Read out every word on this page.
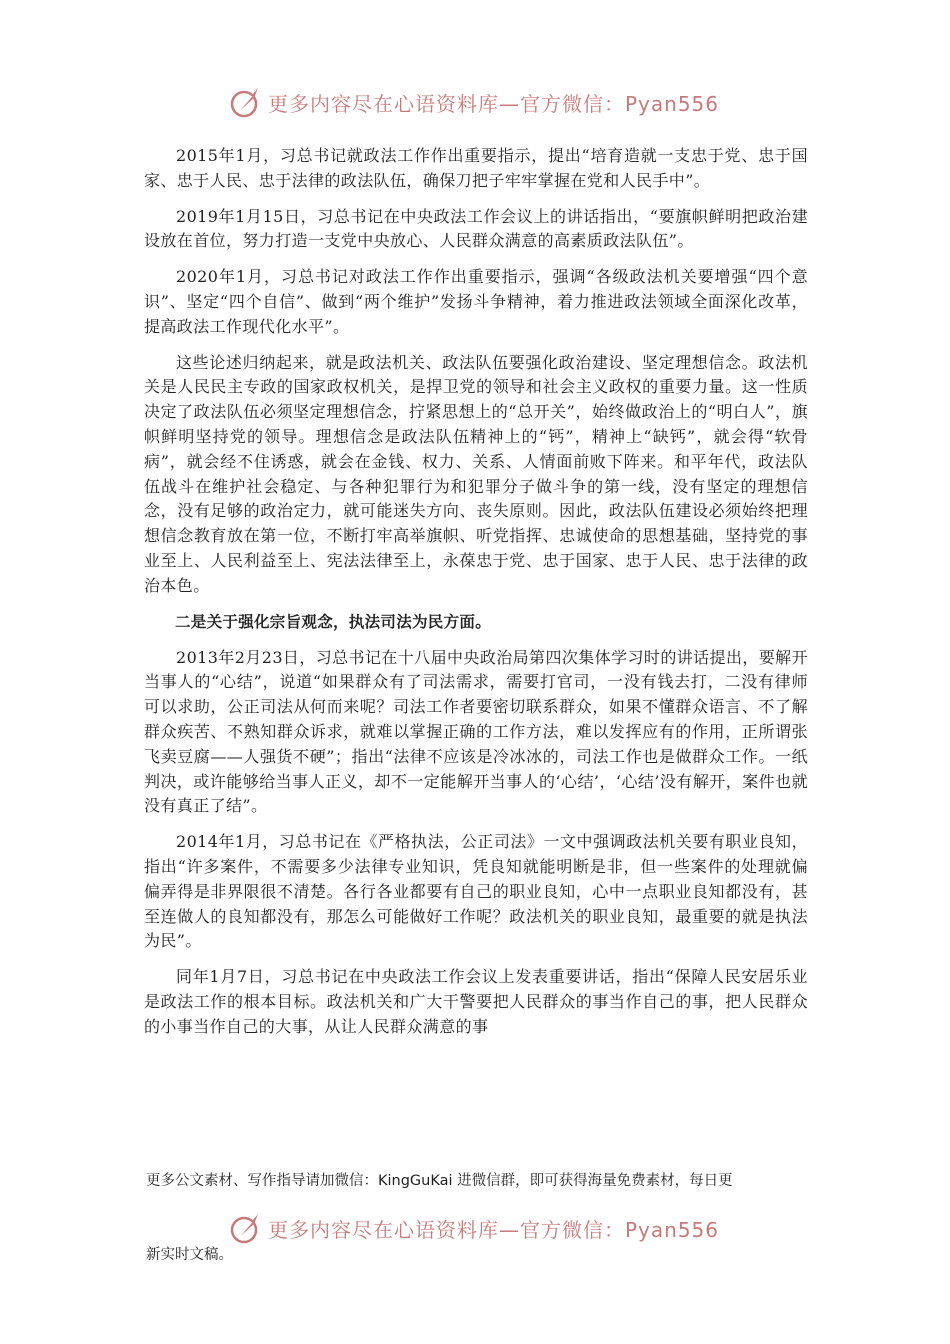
更多内容尽在心语资料库—官方微信：Pyan556

2015年1月，习总书记就政法工作作出重要指示，提出“培育造就一支忠于党、忠于国家、忠于人民、忠于法律的政法队伍，确保刀把子牢牢掌握在党和人民手中”。

2019年1月15日，习总书记在中央政法工作会议上的讲话指出，“要旗帜鲜明把政治建设放在首位，努力打造一支党中央放心、人民群众满意的高素质政法队伍”。

2020年1月，习总书记对政法工作作出重要指示，强调“各级政法机关要增强“四个意识”、坚定“四个自信”、做到“两个维护”发扬斗争精神，着力推进政法领域全面深化改革，提高政法工作现代化水平”。

这些论述归纳起来，就是政法机关、政法队伍要强化政治建设、坚定理想信念。政法机关是人民民主专政的国家政权机关，是捍卫党的领导和社会主义政权的重要力量。这一性质决定了政法队伍必须坚定理想信念，拧紧思想上的“总开关”，始终做政治上的“明白人”，旗帜鲜明坚持党的领导。理想信念是政法队伍精神上的“钙”，精神上“缺钙”，就会得“软骨病”，就会经不住诱惑，就会在金钱、权力、关系、人情面前败下阵来。和平年代，政法队伍战斗在维护社会稳定、与各种犯罪行为和犯罪分子做斗争的第一线，没有坚定的理想信念，没有足够的政治定力，就可能迷失方向、丧失原则。因此，政法队伍建设必须始终把理想信念教育放在第一位，不断打牢高举旗帜、听党指挥、忠诚使命的思想基础，坚持党的事业至上、人民利益至上、宪法法律至上，永葆忠于党、忠于国家、忠于人民、忠于法律的政治本色。

二是关于强化宗旨观念，执法司法为民方面。

2013年2月23日，习总书记在十八届中央政治局第四次集体学习时的讲话提出，要解开当事人的“心结”，说道“如果群众有了司法需求，需要打官司，一没有钱去打，二没有律师可以求助，公正司法从何而来呢？司法工作者要密切联系群众，如果不懂群众语言、不了解群众疾苦、不熟知群众诉求，就难以掌握正确的工作方法，难以发挥应有的作用，正所谓张飞卖豆腐——人强货不硬”；指出“法律不应该是冷冰冰的，司法工作也是做群众工作。一纸判决，或许能够给当事人正义，却不一定能解开当事人的‘心结’，‘心结’没有解开，案件也就没有真正了结”。

2014年1月，习总书记在《严格执法，公正司法》一文中强调政法机关要有职业良知，指出“许多案件，不需要多少法律专业知识，凭良知就能明断是非，但一些案件的处理就偏偏弄得是非界限很不清楚。各行各业都要有自己的职业良知，心中一点职业良知都没有，甚至连做人的良知都没有，那怎么可能做好工作呢？政法机关的职业良知，最重要的就是执法为民”。

同年1月7日，习总书记在中央政法工作会议上发表重要讲话，指出“保障人民安居乐业是政法工作的根本目标。政法机关和广大干警要把人民群众的事当作自己的事，把人民群众的小事当作自己的大事，从让人民群众满意的事

更多公文素材、写作指导请加微信：KingGuKai 进微信群，即可获得海量免费素材，每日更
更多内容尽在心语资料库—官方微信：Pyan556
新实时文稿。
